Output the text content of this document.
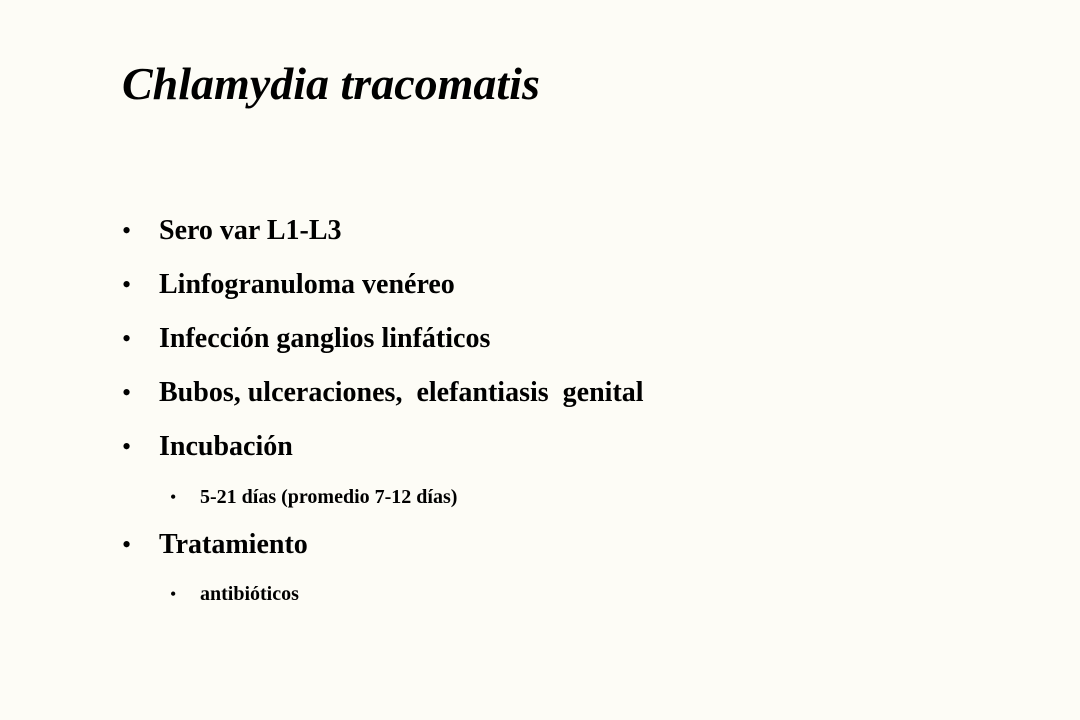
Chlamydia tracomatis
• Sero var L1-L3
• Linfogranuloma venéreo
• Infección ganglios linfáticos
• Bubos, ulceraciones,  elefantiasis  genital
• Incubación
• 5-21 días (promedio 7-12 días)
• Tratamiento
• antibióticos
